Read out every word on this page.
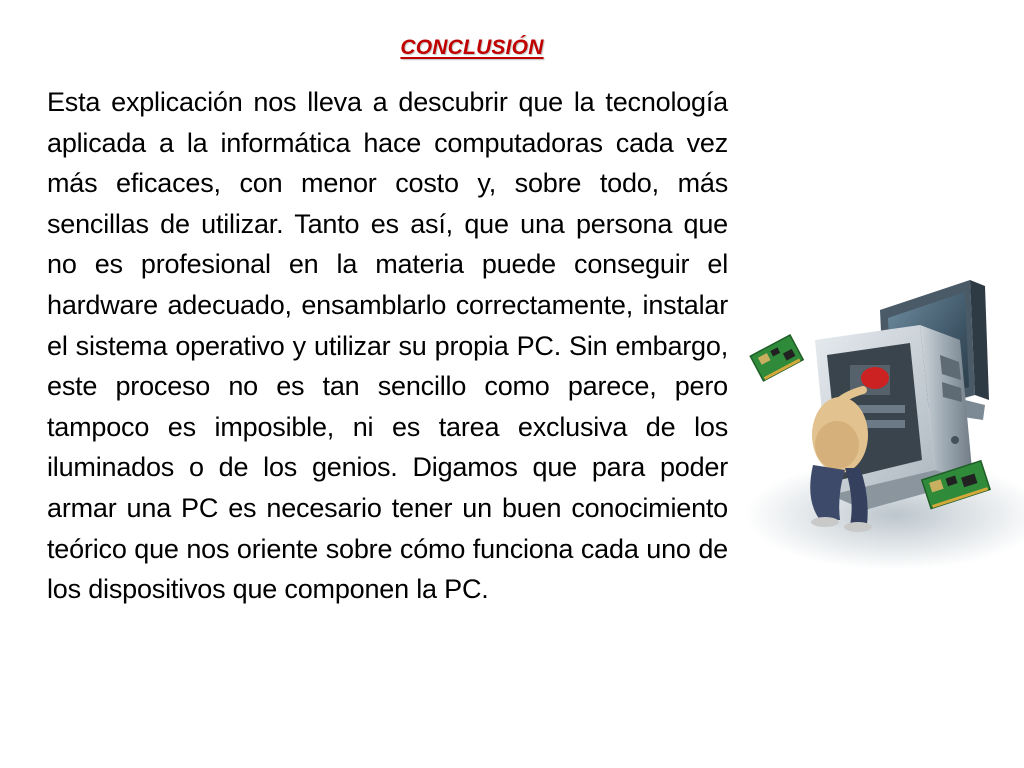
CONCLUSIÓN
Esta explicación nos lleva a descubrir que la tecnología aplicada a la informática hace computadoras cada vez más eficaces, con menor costo y, sobre todo, más sencillas de utilizar. Tanto es así, que una persona que no es profesional en la materia puede conseguir el hardware adecuado, ensamblarlo correctamente, instalar el sistema operativo y utilizar su propia PC. Sin embargo, este proceso no es tan sencillo como parece, pero tampoco es imposible, ni es tarea exclusiva de los iluminados o de los genios. Digamos que para poder armar una PC es necesario tener un buen conocimiento teórico que nos oriente sobre cómo funciona cada uno de los dispositivos que componen la PC.
